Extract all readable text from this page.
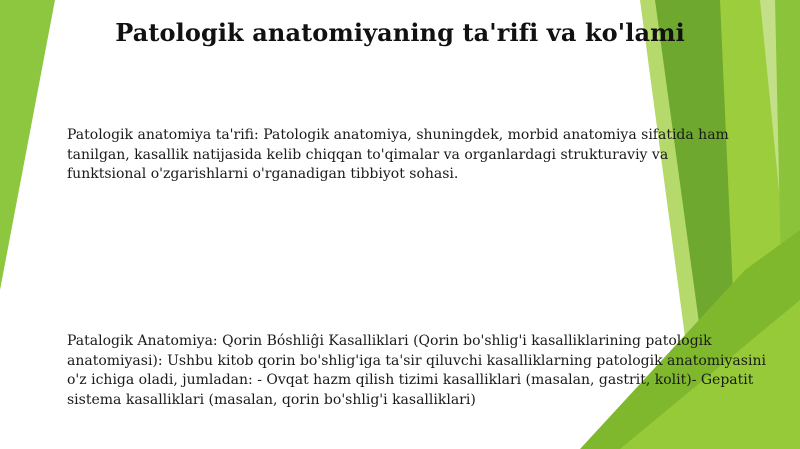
Patologik anatomiyaning ta'rifi va ko'lami

Patologik anatomiya ta'rifi: Patologik anatomiya, shuningdek, morbid anatomiya sifatida ham tanilgan, kasallik natijasida kelib chiqqan to'qimalar va organlardagi strukturaviy va funktsional o'zgarishlarni o'rganadigan tibbiyot sohasi.

Patalogik Anatomiya: Qorin Bóshliĝi Kasalliklari (Qorin bo'shlig'i kasalliklarining patologik anatomiyasi): Ushbu kitob qorin bo'shlig'iga ta'sir qiluvchi kasalliklarning patologik anatomiyasini o'z ichiga oladi, jumladan: - Ovqat hazm qilish tizimi kasalliklari (masalan, gastrit, kolit)- Gepatit sistema kasalliklari (masalan, qorin bo'shlig'i kasalliklari)
